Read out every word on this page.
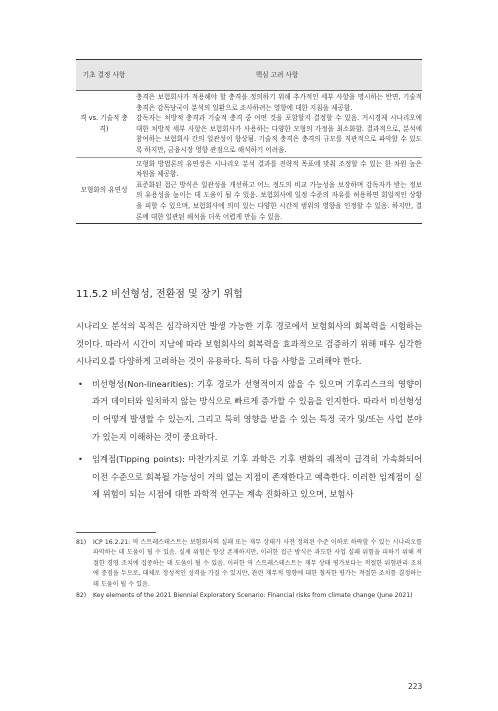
기초 결정 사항	핵심 고려 사항
격 vs. 기술적 충격)	충격은 보험회사가 적용해야 할 충격을 정의하기 위해 추가적인 세부 사항을 명시하는 반면, 기술적 충격은 감독당국이 분석의 일환으로 조사하려는 영향에 대한 지침을 제공함.
감독자는 처방적 충격과 기술적 충격 중 어떤 것을 포함할지 결정할 수 있음. 거시경제 시나리오에 대한 처방적 세부 사항은 보험회사가 사용하는 다양한 모형의 가정을 최소화함. 결과적으로, 분석에 참여하는 보험회사 간의 일관성이 향상됨. 기술적 충격은 충격의 규모를 직관적으로 파악할 수 있도록 하지만, 금융시장 영향 관점으로 해석하기 어려움.

모형화의 유연성	모형화 방법론의 유연성은 시나리오 분석 결과를 전략적 목표에 맞춰 조정할 수 있는 한 차원 높은 차원을 제공함.
표준화된 접근 방식은 일관성을 개선하고 어느 정도의 비교 가능성을 보장하며 감독자가 받는 정보의 유용성을 높이는 데 도움이 될 수 있음. 보험회사에 일정 수준의 자유를 허용하면 회일적인 상황을 피할 수 있으며, 보험회사에 의미 있는 다양한 시간적 범위의 영향을 인정할 수 있음. 하지만, 결론에 대한 일관된 해석을 더욱 어렵게 만들 수 있음.
11.5.2 비선형성, 전환점 및 장기 위험

시나리오 분석의 목적은 심각하지만 발생 가능한 기후 경로에서 보험회사의 회복력을 시험하는 것이다. 따라서 시간이 지남에 따라 보험회사의 회복력을 효과적으로 검증하기 위해 매우 심각한 시나리오를 다양하게 고려하는 것이 유용하다. 특히 다음 사항을 고려해야 한다.

• 비선형성(Non-linearities): 기후 경로가 선형적이지 않을 수 있으며 기후리스크의 영향이 과거 데이터와 일치하지 않는 방식으로 빠르게 증가할 수 있음을 인지한다. 따라서 비선형성이 어떻게 발생할 수 있는지, 그리고 특히 영향을 받을 수 있는 특정 국가 및/또는 사업 분야가 있는지 이해하는 것이 중요하다.

• 임계점(Tipping points): 마찬가지로 기후 과학은 기후 변화의 궤적이 급격히 가속화되어 이전 수준으로 회복될 가능성이 거의 없는 지점이 존재한다고 예측한다. 이러한 임계점이 실제 위험이 되는 시점에 대한 과학적 연구는 계속 진화하고 있으며, 보험사

81) ICP 16.2.21: 역 스트레스테스트는 보험회사의 실패 또는 재무 상태가 사전 정의된 수준 이하로 하락할 수 있는 시나리오를 파악하는 데 도움이 될 수 있음. 실제 위험은 항상 존재하지만, 이러한 접근 방식은 과도한 사업 실패 위험을 피하기 위해 적절한 경영 조치에 집중하는 데 도움이 될 수 있음. 이러한 역 스트레스테스트는 재무 상태 평가보다는 적절한 위험관리 조치에 중점을 두므로, 대체로 정성적인 성격을 가질 수 있지만, 관련 재무적 영향에 대한 철저한 평가는 적절한 조치를 결정하는 데 도움이 될 수 있음.
82) Key elements of the 2021 Biennial Exploratory Scenario: Financial risks from climate change (June 2021)
223
